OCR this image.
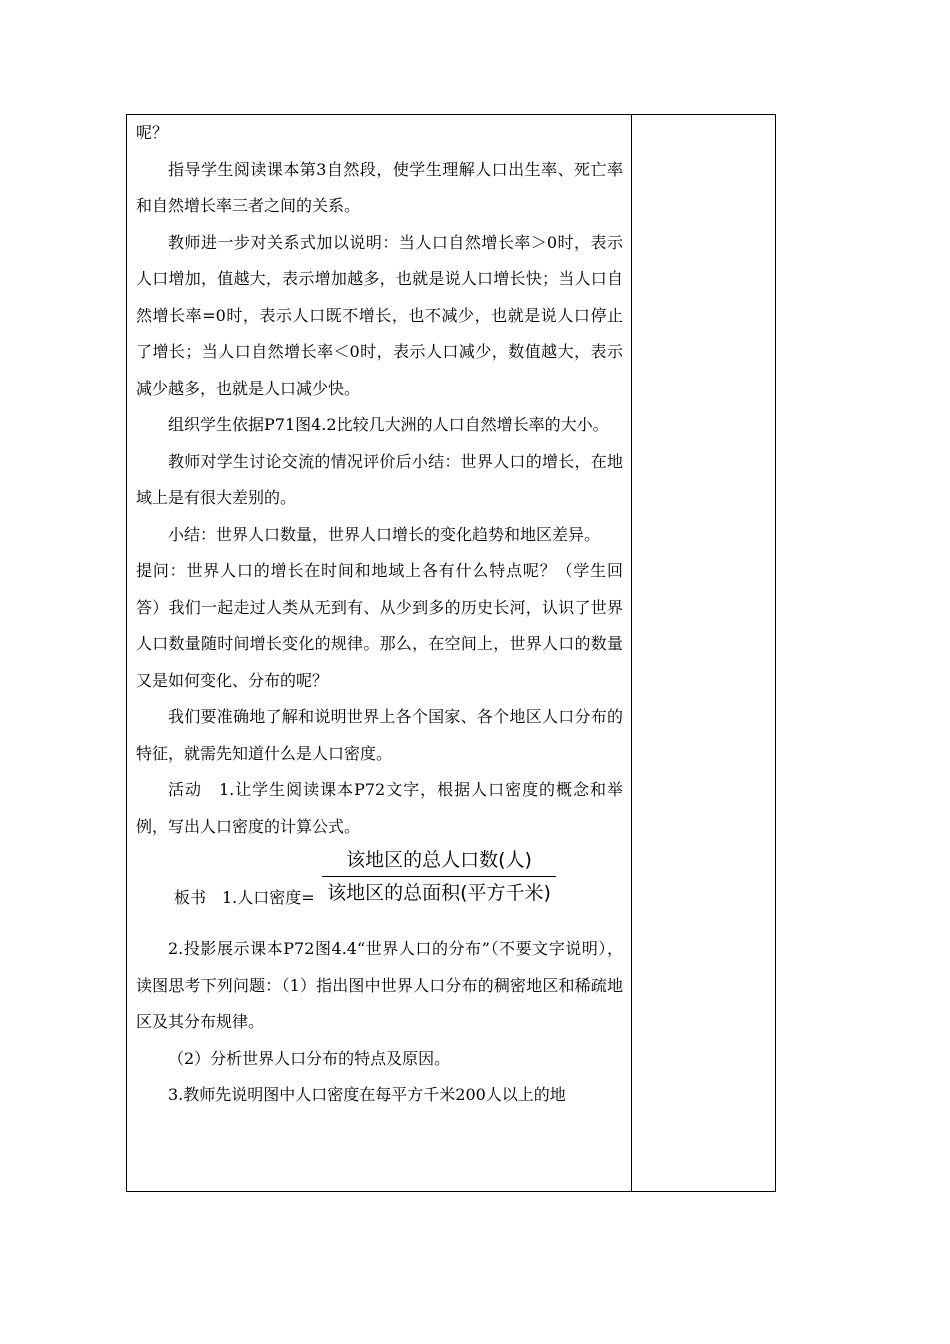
呢？

指导学生阅读课本第3自然段，使学生理解人口出生率、死亡率和自然增长率三者之间的关系。

教师进一步对关系式加以说明：当人口自然增长率＞0时，表示人口增加，值越大，表示增加越多，也就是说人口增长快；当人口自然增长率=0时，表示人口既不增长，也不减少，也就是说人口停止了增长；当人口自然增长率＜0时，表示人口减少，数值越大，表示减少越多，也就是人口减少快。

组织学生依据P71图4.2比较几大洲的人口自然增长率的大小。

教师对学生讨论交流的情况评价后小结：世界人口的增长，在地域上是有很大差别的。

小结：世界人口数量，世界人口增长的变化趋势和地区差异。

提问：世界人口的增长在时间和地域上各有什么特点呢？（学生回答）我们一起走过人类从无到有、从少到多的历史长河，认识了世界人口数量随时间增长变化的规律。那么，在空间上，世界人口的数量又是如何变化、分布的呢？

我们要准确地了解和说明世界上各个国家、各个地区人口分布的特征，就需先知道什么是人口密度。

活动　1.让学生阅读课本P72文字，根据人口密度的概念和举例，写出人口密度的计算公式。

板书　1.人口密度=
该地区的总人口数(人)
该地区的总面积(平方千米)

2.投影展示课本P72图4.4“世界人口的分布”（不要文字说明），读图思考下列问题：（1）指出图中世界人口分布的稠密地区和稀疏地区及其分布规律。

（2）分析世界人口分布的特点及原因。

3.教师先说明图中人口密度在每平方千米200人以上的地
